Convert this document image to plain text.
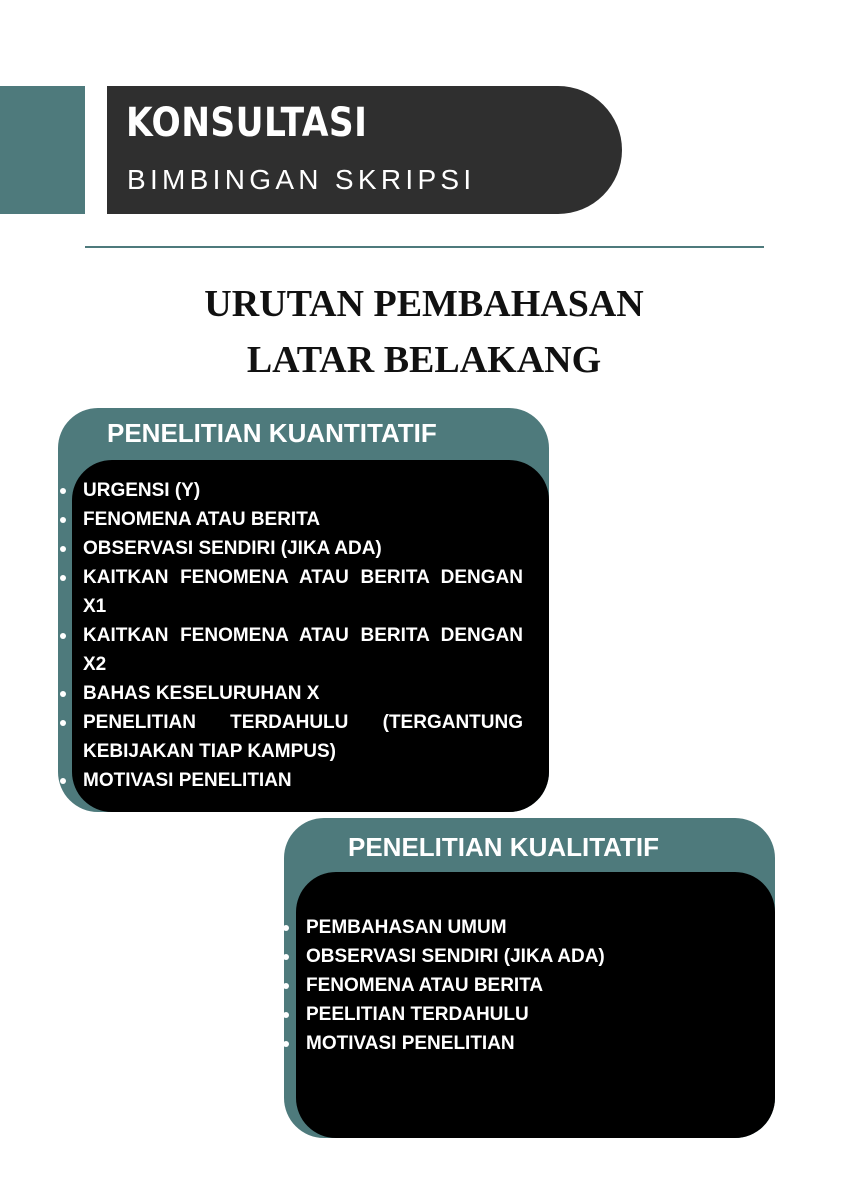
KONSULTASI
BIMBINGAN SKRIPSI
URUTAN PEMBAHASAN
LATAR BELAKANG
PENELITIAN KUANTITATIF
URGENSI (Y)
FENOMENA ATAU BERITA
OBSERVASI SENDIRI (JIKA ADA)
KAITKAN FENOMENA ATAU BERITA DENGAN X1
KAITKAN FENOMENA ATAU BERITA DENGAN X2
BAHAS KESELURUHAN X
PENELITIAN TERDAHULU (TERGANTUNG KEBIJAKAN TIAP KAMPUS)
MOTIVASI PENELITIAN
PENELITIAN KUALITATIF
PEMBAHASAN UMUM
OBSERVASI SENDIRI (JIKA ADA)
FENOMENA ATAU BERITA
PEELITIAN TERDAHULU
MOTIVASI PENELITIAN
